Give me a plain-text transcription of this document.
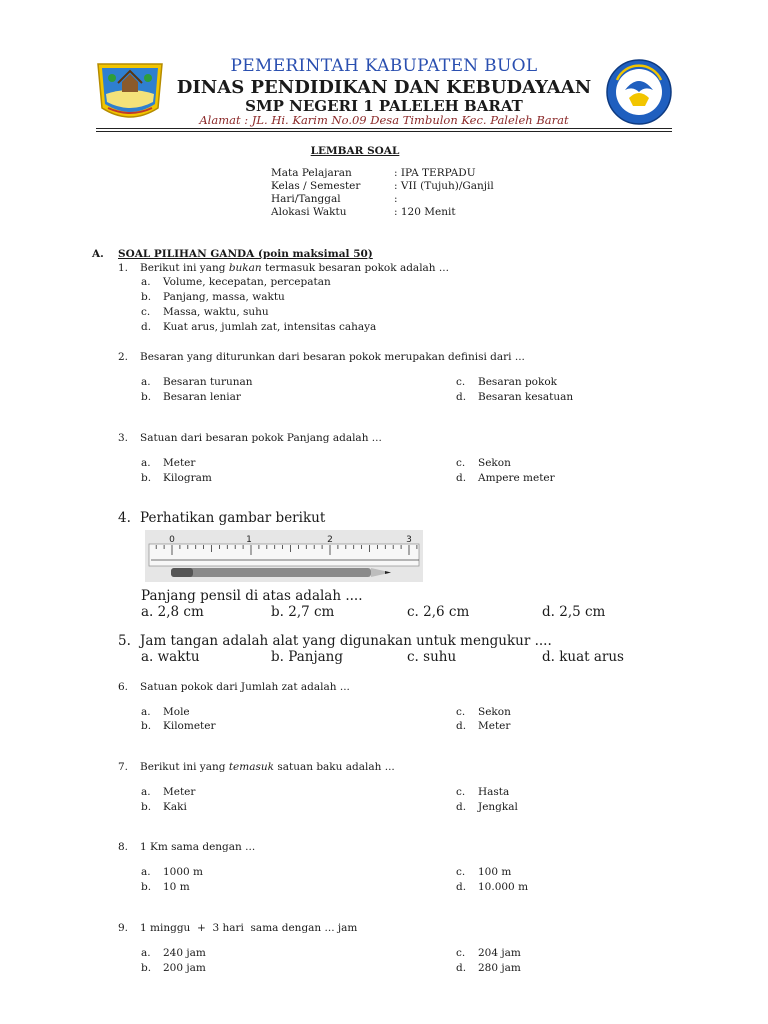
PEMERINTAH KABUPATEN BUOL
DINAS PENDIDIKAN DAN KEBUDAYAAN
SMP NEGERI 1 PALELEH BARAT
Alamat : JL. Hi. Karim No.09 Desa Timbulon Kec. Paleleh Barat
LEMBAR SOAL
Mata Pelajaran	: IPA TERPADU
Kelas / Semester	: VII (Tujuh)/Ganjil
Hari/Tanggal	:
Alokasi Waktu	: 120 Menit
A. SOAL PILIHAN GANDA (poin maksimal 50)
1. Berikut ini yang bukan termasuk besaran pokok adalah ...
a. Volume, kecepatan, percepatan
b. Panjang, massa, waktu
c. Massa, waktu, suhu
d. Kuat arus, jumlah zat, intensitas cahaya
2. Besaran yang diturunkan dari besaran pokok merupakan definisi dari ...
a. Besaran turunan
b. Besaran leniar
c. Besaran pokok
d. Besaran kesatuan
3. Satuan dari besaran pokok Panjang adalah ...
a. Meter
b. Kilogram
c. Sekon
d. Ampere meter
4. Perhatikan gambar berikut
0	1	2	3
Panjang pensil di atas adalah ....
a. 2,8 cm	b. 2,7 cm	c. 2,6 cm	d. 2,5 cm
5. Jam tangan adalah alat yang digunakan untuk mengukur ....
a. waktu	b. Panjang	c. suhu	d. kuat arus
6. Satuan pokok dari Jumlah zat adalah ...
a. Mole
b. Kilometer
c. Sekon
d. Meter
7. Berikut ini yang temasuk satuan baku adalah ...
a. Meter
b. Kaki
c. Hasta
d. Jengkal
8. 1 Km sama dengan ...
a. 1000 m
b. 10 m
c. 100 m
d. 10.000 m
9. 1 minggu  +  3 hari  sama dengan ... jam
a. 240 jam
b. 200 jam
c. 204 jam
d. 280 jam
